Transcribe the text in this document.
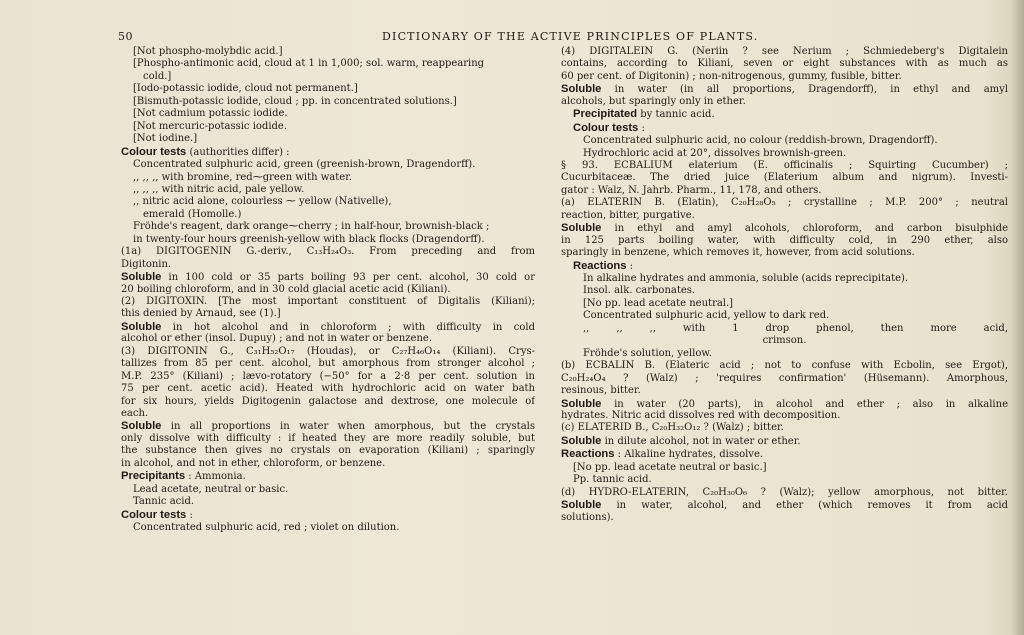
50	DICTIONARY OF THE ACTIVE PRINCIPLES OF PLANTS.
[Not phospho-molybdic acid.]
[Phospho-antimonic acid, cloud at 1 in 1,000; sol. warm, reappearing
cold.]
[Iodo-potassic iodide, cloud not permanent.]
[Bismuth-potassic iodide, cloud ; pp. in concentrated solutions.]
[Not cadmium potassic iodide.
[Not mercuric-potassic iodide.
[Not iodine.]
Colour tests (authorities differ) :
Concentrated sulphuric acid, green (greenish-brown, Dragendorff).
,, ,, ,, with bromine, red⁓green with water.
,, ,, ,, with nitric acid, pale yellow.
,, nitric acid alone, colourless ⁓ yellow (Nativelle),
emerald (Homolle.)
Fröhde's reagent, dark orange⁓cherry ; in half-hour, brownish-black ;
in twenty-four hours greenish-yellow with black flocks (Dragendorff).
(1a) DIGITOGENIN G.-deriv., C₁₃H₂₄O₃. From preceding and from
Digitonin.
Soluble in 100 cold or 35 parts boiling 93 per cent. alcohol, 30 cold or
20 boiling chloroform, and in 30 cold glacial acetic acid (Kiliani).
(2) DIGITOXIN. [The most important constituent of Digitalis (Kiliani);
this denied by Arnaud, see (1).]
Soluble in hot alcohol and in chloroform ; with difficulty in cold
alcohol or ether (insol. Dupuy) ; and not in water or benzene.
(3) DIGITONIN G., C₃₁H₅₂O₁₇ (Houdas), or C₂₇H₄₆O₁₄ (Kiliani). Crys-
tallizes from 85 per cent. alcohol, but amorphous from stronger alcohol ;
M.P. 235° (Kiliani) ; lævo-rotatory (−50° for a 2·8 per cent. solution in
75 per cent. acetic acid). Heated with hydrochloric acid on water bath
for six hours, yields Digitogenin galactose and dextrose, one molecule of
each.
Soluble in all proportions in water when amorphous, but the crystals
only dissolve with difficulty : if heated they are more readily soluble, but
the substance then gives no crystals on evaporation (Kiliani) ; sparingly
in alcohol, and not in ether, chloroform, or benzene.
Precipitants : Ammonia.
Lead acetate, neutral or basic.
Tannic acid.
Colour tests :
Concentrated sulphuric acid, red ; violet on dilution.
(4) DIGITALEIN G. (Neriin ? see Nerium ; Schmiedeberg's Digitalein
contains, according to Kiliani, seven or eight substances with as much as
60 per cent. of Digitonin) ; non-nitrogenous, gummy, fusible, bitter.
Soluble in water (in all proportions, Dragendorff), in ethyl and amyl
alcohols, but sparingly only in ether.
Precipitated by tannic acid.
Colour tests :
Concentrated sulphuric acid, no colour (reddish-brown, Dragendorff).
Hydrochloric acid at 20°, dissolves brownish-green.
§ 93. ECBALIUM elaterium (E. officinalis ; Squirting Cucumber) ;
Cucurbitaceæ. The dried juice (Elaterium album and nigrum). Investi-
gator : Walz, N. Jahrb. Pharm., 11, 178, and others.
(a) ELATERIN B. (Elatin), C₂₀H₂₈O₅ ; crystalline ; M.P. 200° ; neutral
reaction, bitter, purgative.
Soluble in ethyl and amyl alcohols, chloroform, and carbon bisulphide
in 125 parts boiling water, with difficulty cold, in 290 ether, also
sparingly in benzene, which removes it, however, from acid solutions.
Reactions :
In alkaline hydrates and ammonia, soluble (acids reprecipitate).
Insol. alk. carbonates.
[No pp. lead acetate neutral.]
Concentrated sulphuric acid, yellow to dark red.
,, ,, ,, with 1 drop phenol, then more acid,
crimson.
Fröhde's solution, yellow.
(b) ECBALIN B. (Elateric acid ; not to confuse with Ecbolin, see Ergot),
C₂₀H₂₄O₄ ? (Walz) ; 'requires confirmation' (Hüsemann). Amorphous,
resinous, bitter.
Soluble in water (20 parts), in alcohol and ether ; also in alkaline
hydrates. Nitric acid dissolves red with decomposition.
(c) ELATERID B., C₂₀H₃₂O₁₂ ? (Walz) ; bitter.
Soluble in dilute alcohol, not in water or ether.
Reactions : Alkaline hydrates, dissolve.
[No pp. lead acetate neutral or basic.]
Pp. tannic acid.
(d) HYDRO-ELATERIN, C₂₀H₃₀O₆ ? (Walz); yellow amorphous, not bitter.
Soluble in water, alcohol, and ether (which removes it from acid
solutions).
